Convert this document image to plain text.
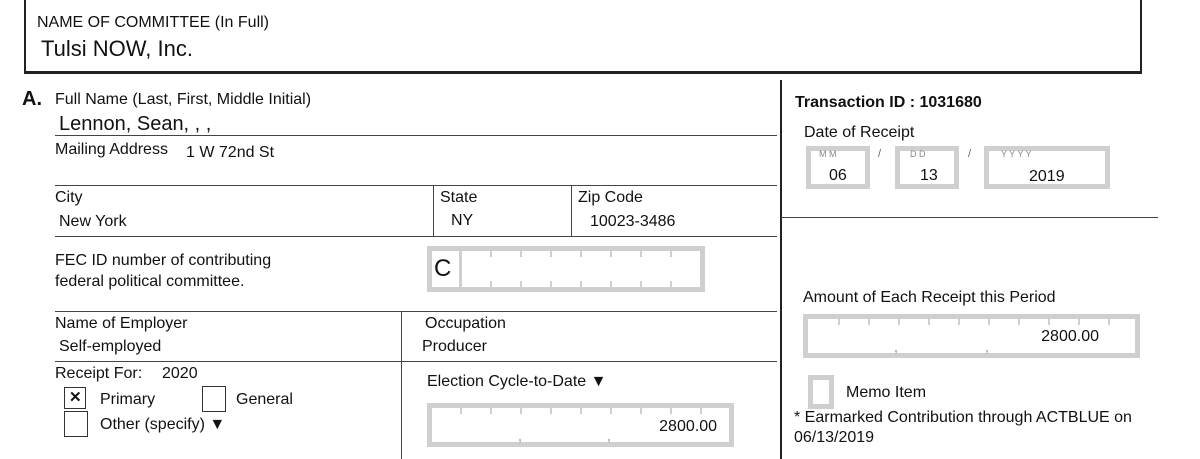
NAME OF COMMITTEE (In Full)
Tulsi NOW, Inc.
A. Full Name (Last, First, Middle Initial)
Lennon, Sean, , ,
Mailing Address 1 W 72nd St
City
New York
State
NY
Zip Code
10023-3486
FEC ID number of contributing
federal political committee.	C
Name of Employer
Self-employed
Occupation
Producer
Receipt For: 2020
✕ Primary	General
Other (specify) ▼
Election Cycle-to-Date ▼
,	,
2800.00
Transaction ID : 1031680
Date of Receipt
M M
06
/	D D
13
/	Y Y Y Y
2019
Amount of Each Receipt this Period
,	,
2800.00
Memo Item
* Earmarked Contribution through ACTBLUE on
06/13/2019
